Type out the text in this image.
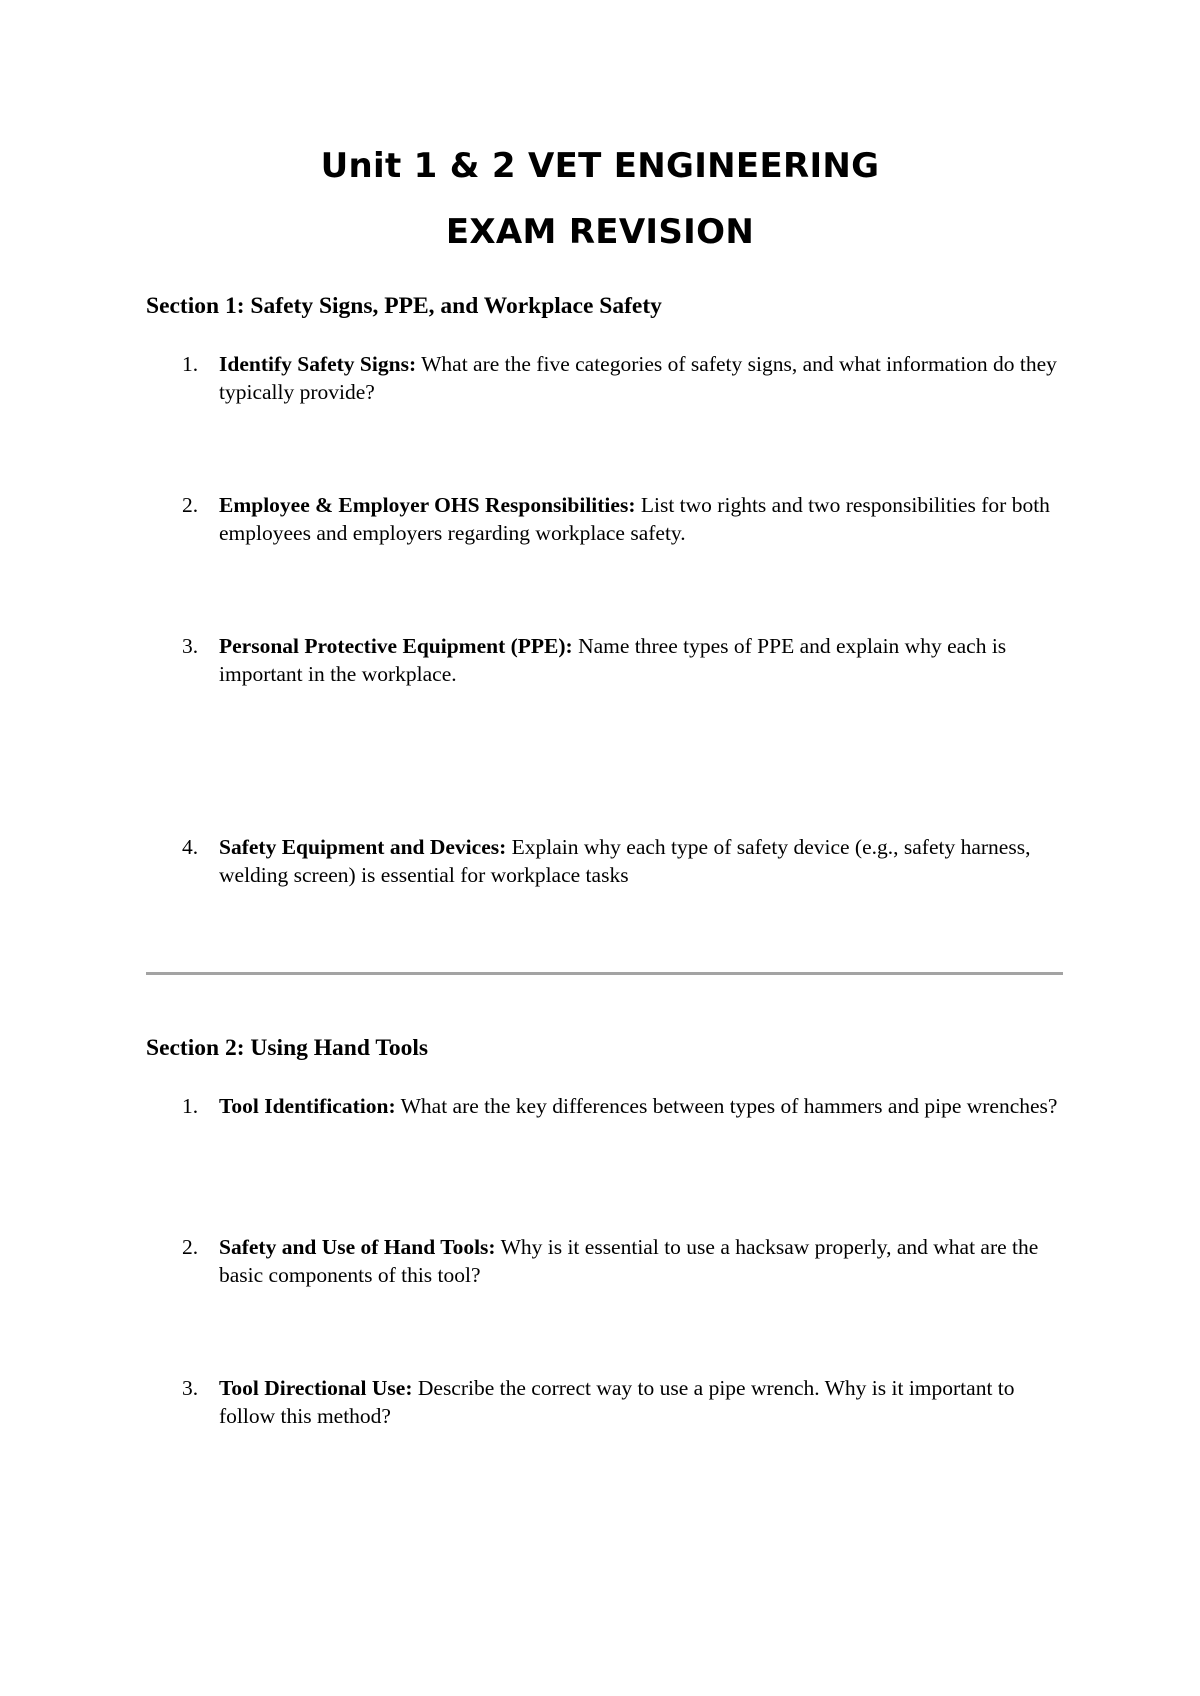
Unit 1 & 2 VET ENGINEERING
EXAM REVISION
Section 1: Safety Signs, PPE, and Workplace Safety
1. Identify Safety Signs: What are the five categories of safety signs, and what information do they typically provide?
2. Employee & Employer OHS Responsibilities: List two rights and two responsibilities for both employees and employers regarding workplace safety.
3. Personal Protective Equipment (PPE): Name three types of PPE and explain why each is important in the workplace.
4. Safety Equipment and Devices: Explain why each type of safety device (e.g., safety harness, welding screen) is essential for workplace tasks
Section 2: Using Hand Tools
1. Tool Identification: What are the key differences between types of hammers and pipe wrenches?
2. Safety and Use of Hand Tools: Why is it essential to use a hacksaw properly, and what are the basic components of this tool?
3. Tool Directional Use: Describe the correct way to use a pipe wrench. Why is it important to follow this method?
